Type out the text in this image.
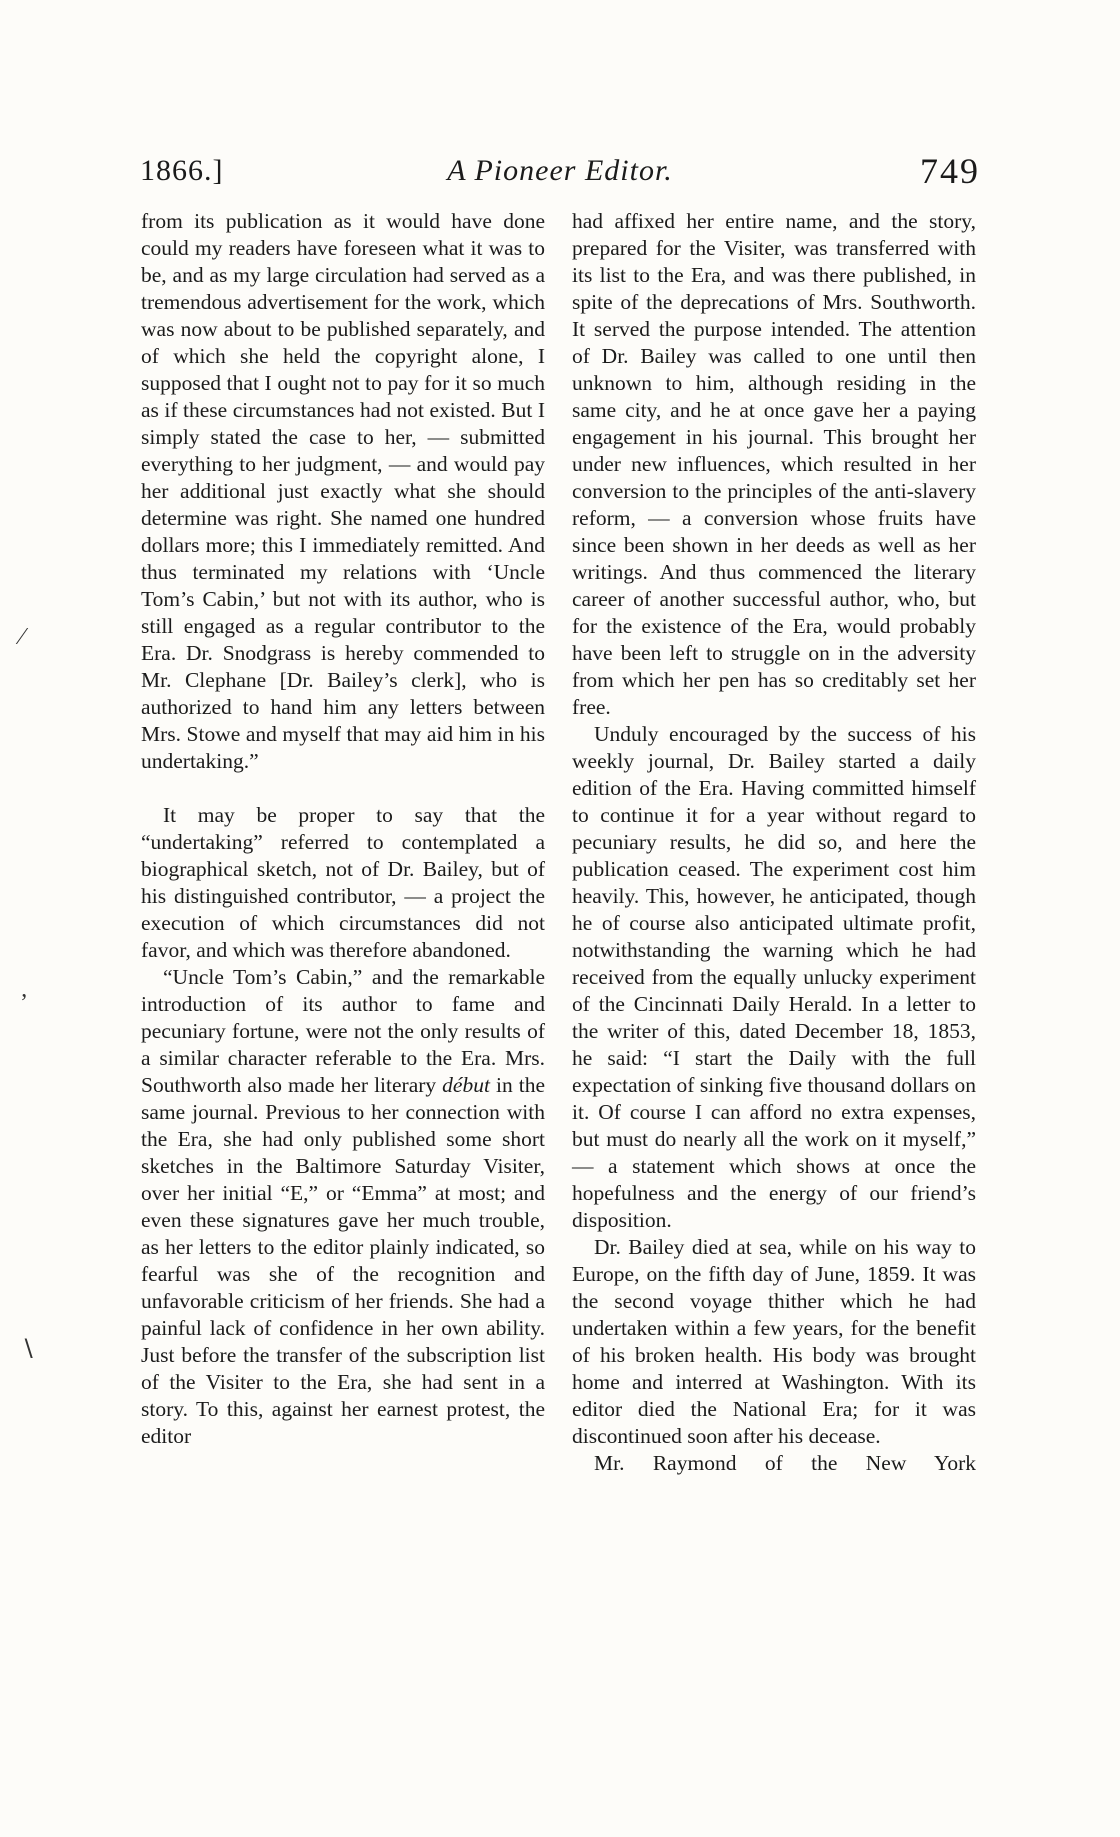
1866.]	A Pioneer Editor.	749

from its publication as it would have done could my readers have foreseen what it was to be, and as my large circulation had served as a tremendous advertisement for the work, which was now about to be published separately, and of which she held the copyright alone, I supposed that I ought not to pay for it so much as if these circumstances had not existed. But I simply stated the case to her, — submitted everything to her judgment, — and would pay her additional just exactly what she should determine was right. She named one hundred dollars more; this I immediately remitted. And thus terminated my relations with ‘Uncle Tom’s Cabin,’ but not with its author, who is still engaged as a regular contributor to the Era. Dr. Snodgrass is hereby commended to Mr. Clephane [Dr. Bailey’s clerk], who is authorized to hand him any letters between Mrs. Stowe and myself that may aid him in his undertaking.”

It may be proper to say that the “undertaking” referred to contemplated a biographical sketch, not of Dr. Bailey, but of his distinguished contributor, — a project the execution of which circumstances did not favor, and which was therefore abandoned.

“Uncle Tom’s Cabin,” and the remarkable introduction of its author to fame and pecuniary fortune, were not the only results of a similar character referable to the Era. Mrs. Southworth also made her literary début in the same journal. Previous to her connection with the Era, she had only published some short sketches in the Baltimore Saturday Visiter, over her initial “E,” or “Emma” at most; and even these signatures gave her much trouble, as her letters to the editor plainly indicated, so fearful was she of the recognition and unfavorable criticism of her friends. She had a painful lack of confidence in her own ability. Just before the transfer of the subscription list of the Visiter to the Era, she had sent in a story. To this, against her earnest protest, the editor

had affixed her entire name, and the story, prepared for the Visiter, was transferred with its list to the Era, and was there published, in spite of the deprecations of Mrs. Southworth. It served the purpose intended. The attention of Dr. Bailey was called to one until then unknown to him, although residing in the same city, and he at once gave her a paying engagement in his journal. This brought her under new influences, which resulted in her conversion to the principles of the anti-slavery reform, — a conversion whose fruits have since been shown in her deeds as well as her writings. And thus commenced the literary career of another successful author, who, but for the existence of the Era, would probably have been left to struggle on in the adversity from which her pen has so creditably set her free.

Unduly encouraged by the success of his weekly journal, Dr. Bailey started a daily edition of the Era. Having committed himself to continue it for a year without regard to pecuniary results, he did so, and here the publication ceased. The experiment cost him heavily. This, however, he anticipated, though he of course also anticipated ultimate profit, notwithstanding the warning which he had received from the equally unlucky experiment of the Cincinnati Daily Herald. In a letter to the writer of this, dated December 18, 1853, he said: “I start the Daily with the full expectation of sinking five thousand dollars on it. Of course I can afford no extra expenses, but must do nearly all the work on it myself,” — a statement which shows at once the hopefulness and the energy of our friend’s disposition.

Dr. Bailey died at sea, while on his way to Europe, on the fifth day of June, 1859. It was the second voyage thither which he had undertaken within a few years, for the benefit of his broken health. His body was brought home and interred at Washington. With its editor died the National Era; for it was discontinued soon after his decease.

Mr. Raymond of the New York

⁄
’
∖
